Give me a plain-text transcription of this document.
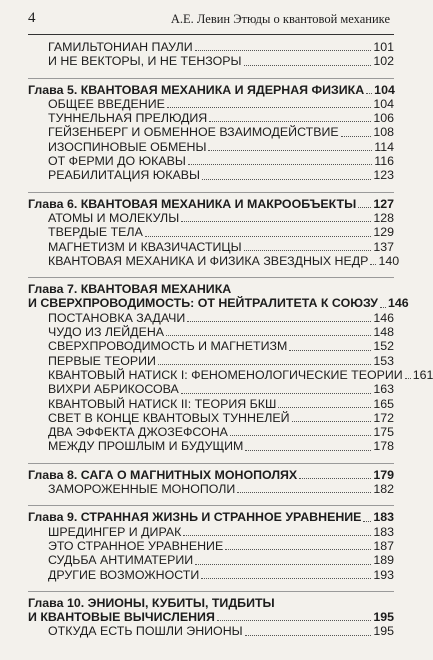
4	А.Е. Левин Этюды о квантовой механике
ГАМИЛЬТОНИАН ПАУЛИ	101
И НЕ ВЕКТОРЫ, И НЕ ТЕНЗОРЫ	102
Глава 5. КВАНТОВАЯ МЕХАНИКА И ЯДЕРНАЯ ФИЗИКА 104
ОБЩЕЕ ВВЕДЕНИЕ	104
ТУННЕЛЬНАЯ ПРЕЛЮДИЯ	106
ГЕЙЗЕНБЕРГ И ОБМЕННОЕ ВЗАИМОДЕЙСТВИЕ	108
ИЗОСПИНОВЫЕ ОБМЕНЫ	114
ОТ ФЕРМИ ДО ЮКАВЫ	116
РЕАБИЛИТАЦИЯ ЮКАВЫ	123
Глава 6. КВАНТОВАЯ МЕХАНИКА И МАКРООБЪЕКТЫ 127
АТОМЫ И МОЛЕКУЛЫ	128
ТВЕРДЫЕ ТЕЛА	129
МАГНЕТИЗМ И КВАЗИЧАСТИЦЫ	137
КВАНТОВАЯ МЕХАНИКА И ФИЗИКА ЗВЕЗДНЫХ НЕДР 140
Глава 7. КВАНТОВАЯ МЕХАНИКА
И СВЕРХПРОВОДИМОСТЬ: ОТ НЕЙТРАЛИТЕТА К СОЮЗУ 146
ПОСТАНОВКА ЗАДАЧИ	146
ЧУДО ИЗ ЛЕЙДЕНА	148
СВЕРХПРОВОДИМОСТЬ И МАГНЕТИЗМ	152
ПЕРВЫЕ ТЕОРИИ	153
КВАНТОВЫЙ НАТИСК I: ФЕНОМЕНОЛОГИЧЕСКИЕ ТЕОРИИ 161
ВИХРИ АБРИКОСОВА	163
КВАНТОВЫЙ НАТИСК II: ТЕОРИЯ БКШ	165
СВЕТ В КОНЦЕ КВАНТОВЫХ ТУННЕЛЕЙ	172
ДВА ЭФФЕКТА ДЖОЗЕФСОНА	175
МЕЖДУ ПРОШЛЫМ И БУДУЩИМ	178
Глава 8. САГА О МАГНИТНЫХ МОНОПОЛЯХ	179
ЗАМОРОЖЕННЫЕ МОНОПОЛИ	182
Глава 9. СТРАННАЯ ЖИЗНЬ И СТРАННОЕ УРАВНЕНИЕ 183
ШРЕДИНГЕР И ДИРАК	183
ЭТО СТРАННОЕ УРАВНЕНИЕ	187
СУДЬБА АНТИМАТЕРИИ	189
ДРУГИЕ ВОЗМОЖНОСТИ	193
Глава 10. ЭНИОНЫ, КУБИТЫ, ТИДБИТЫ
И КВАНТОВЫЕ ВЫЧИСЛЕНИЯ	195
ОТКУДА ЕСТЬ ПОШЛИ ЭНИОНЫ	195
